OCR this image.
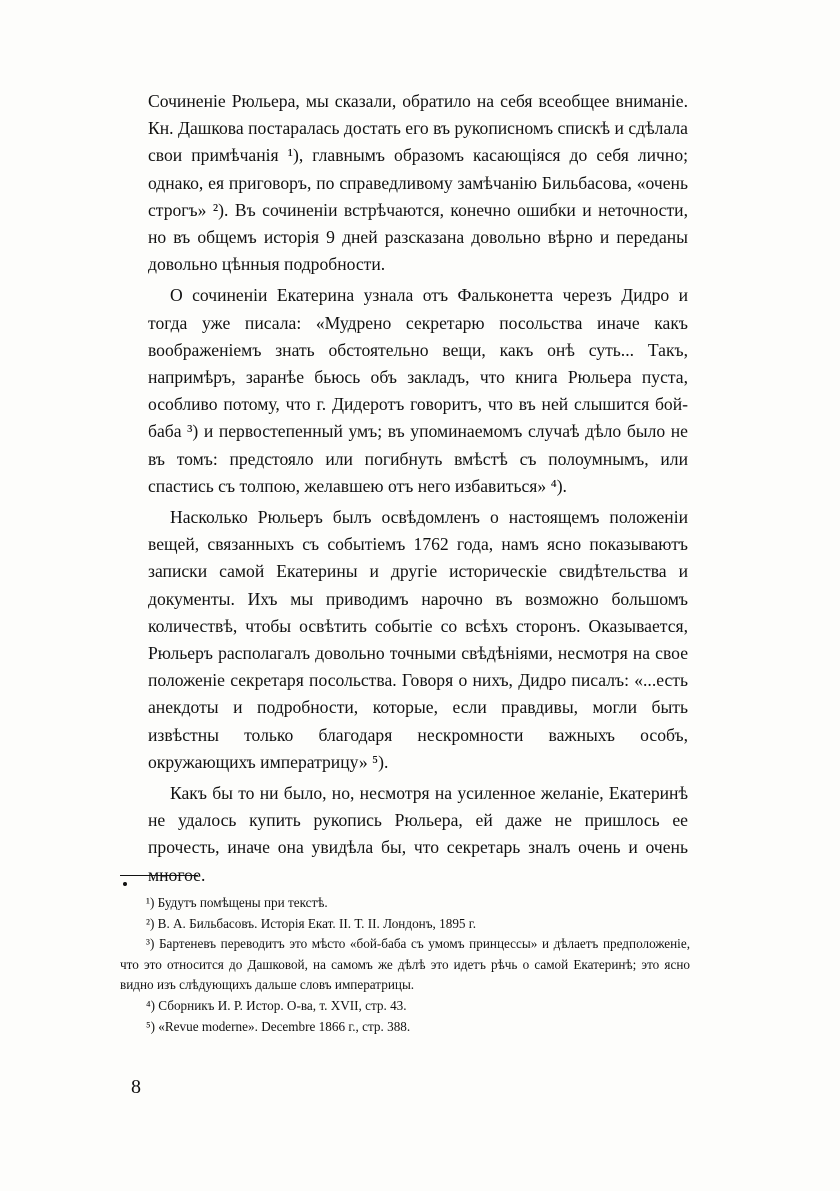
Сочиненіе Рюльера, мы сказали, обратило на себя всеобщее вниманіе. Кн. Дашкова постаралась достать его въ рукописномъ спискѣ и сдѣлала свои примѣчанія ¹), главнымъ образомъ касающіяся до себя лично; однако, ея приговоръ, по справедливому замѣчанію Бильбасова, «очень строгъ» ²). Въ сочиненіи встрѣчаются, конечно ошибки и неточности, но въ общемъ исторія 9 дней разсказана довольно вѣрно и переданы довольно цѣнныя подробности.

О сочиненіи Екатерина узнала отъ Фальконетта черезъ Дидро и тогда уже писала: «Мудрено секретарю посольства иначе какъ воображеніемъ знать обстоятельно вещи, какъ онѣ суть... Такъ, напримѣръ, заранѣе бьюсь объ закладъ, что книга Рюльера пуста, особливо потому, что г. Дидеротъ говоритъ, что въ ней слышится бой-баба ³) и первостепенный умъ; въ упоминаемомъ случаѣ дѣло было не въ томъ: предстояло или погибнуть вмѣстѣ съ полоумнымъ, или спастись съ толпою, желавшею отъ него избавиться» ⁴).

Насколько Рюльеръ былъ освѣдомленъ о настоящемъ положеніи вещей, связанныхъ съ событіемъ 1762 года, намъ ясно показываютъ записки самой Екатерины и другіе историческіе свидѣтельства и документы. Ихъ мы приводимъ нарочно въ возможно большомъ количествѣ, чтобы освѣтить событіе со всѣхъ сторонъ. Оказывается, Рюльеръ располагалъ довольно точными свѣдѣніями, несмотря на свое положеніе секретаря посольства. Говоря о нихъ, Дидро писалъ: «...есть анекдоты и подробности, которые, если правдивы, могли быть извѣстны только благодаря нескромности важныхъ особъ, окружающихъ императрицу» ⁵).

Какъ бы то ни было, но, несмотря на усиленное желаніе, Екатеринѣ не удалось купить рукопись Рюльера, ей даже не пришлось ее прочесть, иначе она увидѣла бы, что секретарь зналъ очень и очень многое.

¹) Будутъ помѣщены при текстѣ.

²) В. А. Бильбасовъ. Исторія Екат. II. Т. II. Лондонъ, 1895 г.

³) Бартеневъ переводитъ это мѣсто «бой-баба съ умомъ принцессы» и дѣлаетъ предположеніе, что это относится до Дашковой, на самомъ же дѣлѣ это идетъ рѣчь о самой Екатеринѣ; это ясно видно изъ слѣдующихъ дальше словъ императрицы.

⁴) Сборникъ И. Р. Истор. О-ва, т. XVII, стр. 43.

⁵) «Revue moderne». Decembre 1866 г., стр. 388.

8
